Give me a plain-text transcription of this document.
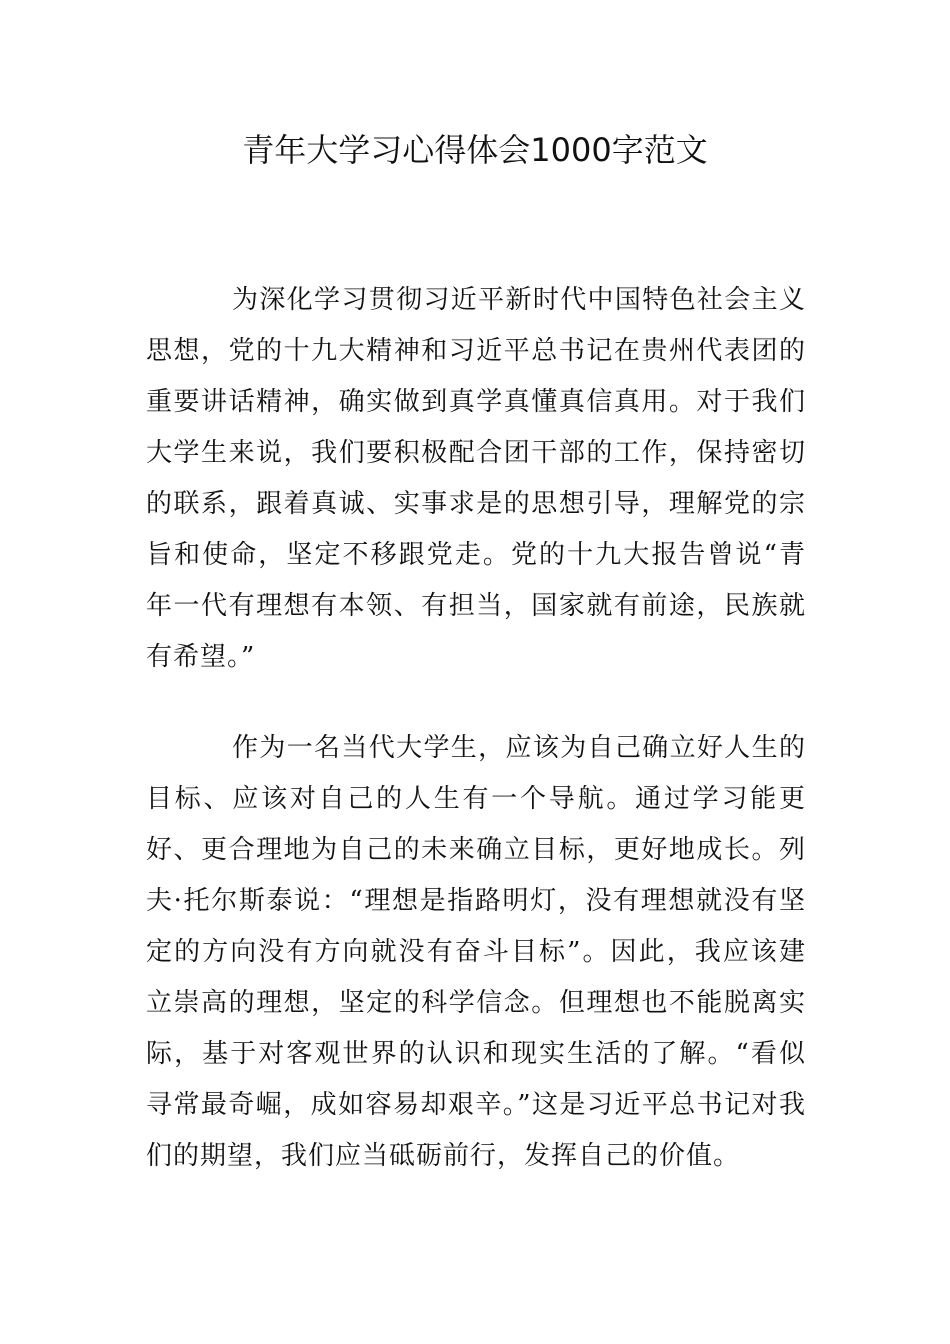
青年大学习心得体会1000字范文

为深化学习贯彻习近平新时代中国特色社会主义思想，党的十九大精神和习近平总书记在贵州代表团的重要讲话精神，确实做到真学真懂真信真用。对于我们大学生来说，我们要积极配合团干部的工作，保持密切的联系，跟着真诚、实事求是的思想引导，理解党的宗旨和使命，坚定不移跟党走。党的十九大报告曾说“青年一代有理想有本领、有担当，国家就有前途，民族就有希望。”

作为一名当代大学生，应该为自己确立好人生的目标、应该对自己的人生有一个导航。通过学习能更好、更合理地为自己的未来确立目标，更好地成长。列夫·托尔斯泰说：“理想是指路明灯，没有理想就没有坚定的方向没有方向就没有奋斗目标”。因此，我应该建立崇高的理想，坚定的科学信念。但理想也不能脱离实际，基于对客观世界的认识和现实生活的了解。“看似寻常最奇崛，成如容易却艰辛。”这是习近平总书记对我们的期望，我们应当砥砺前行，发挥自己的价值。
